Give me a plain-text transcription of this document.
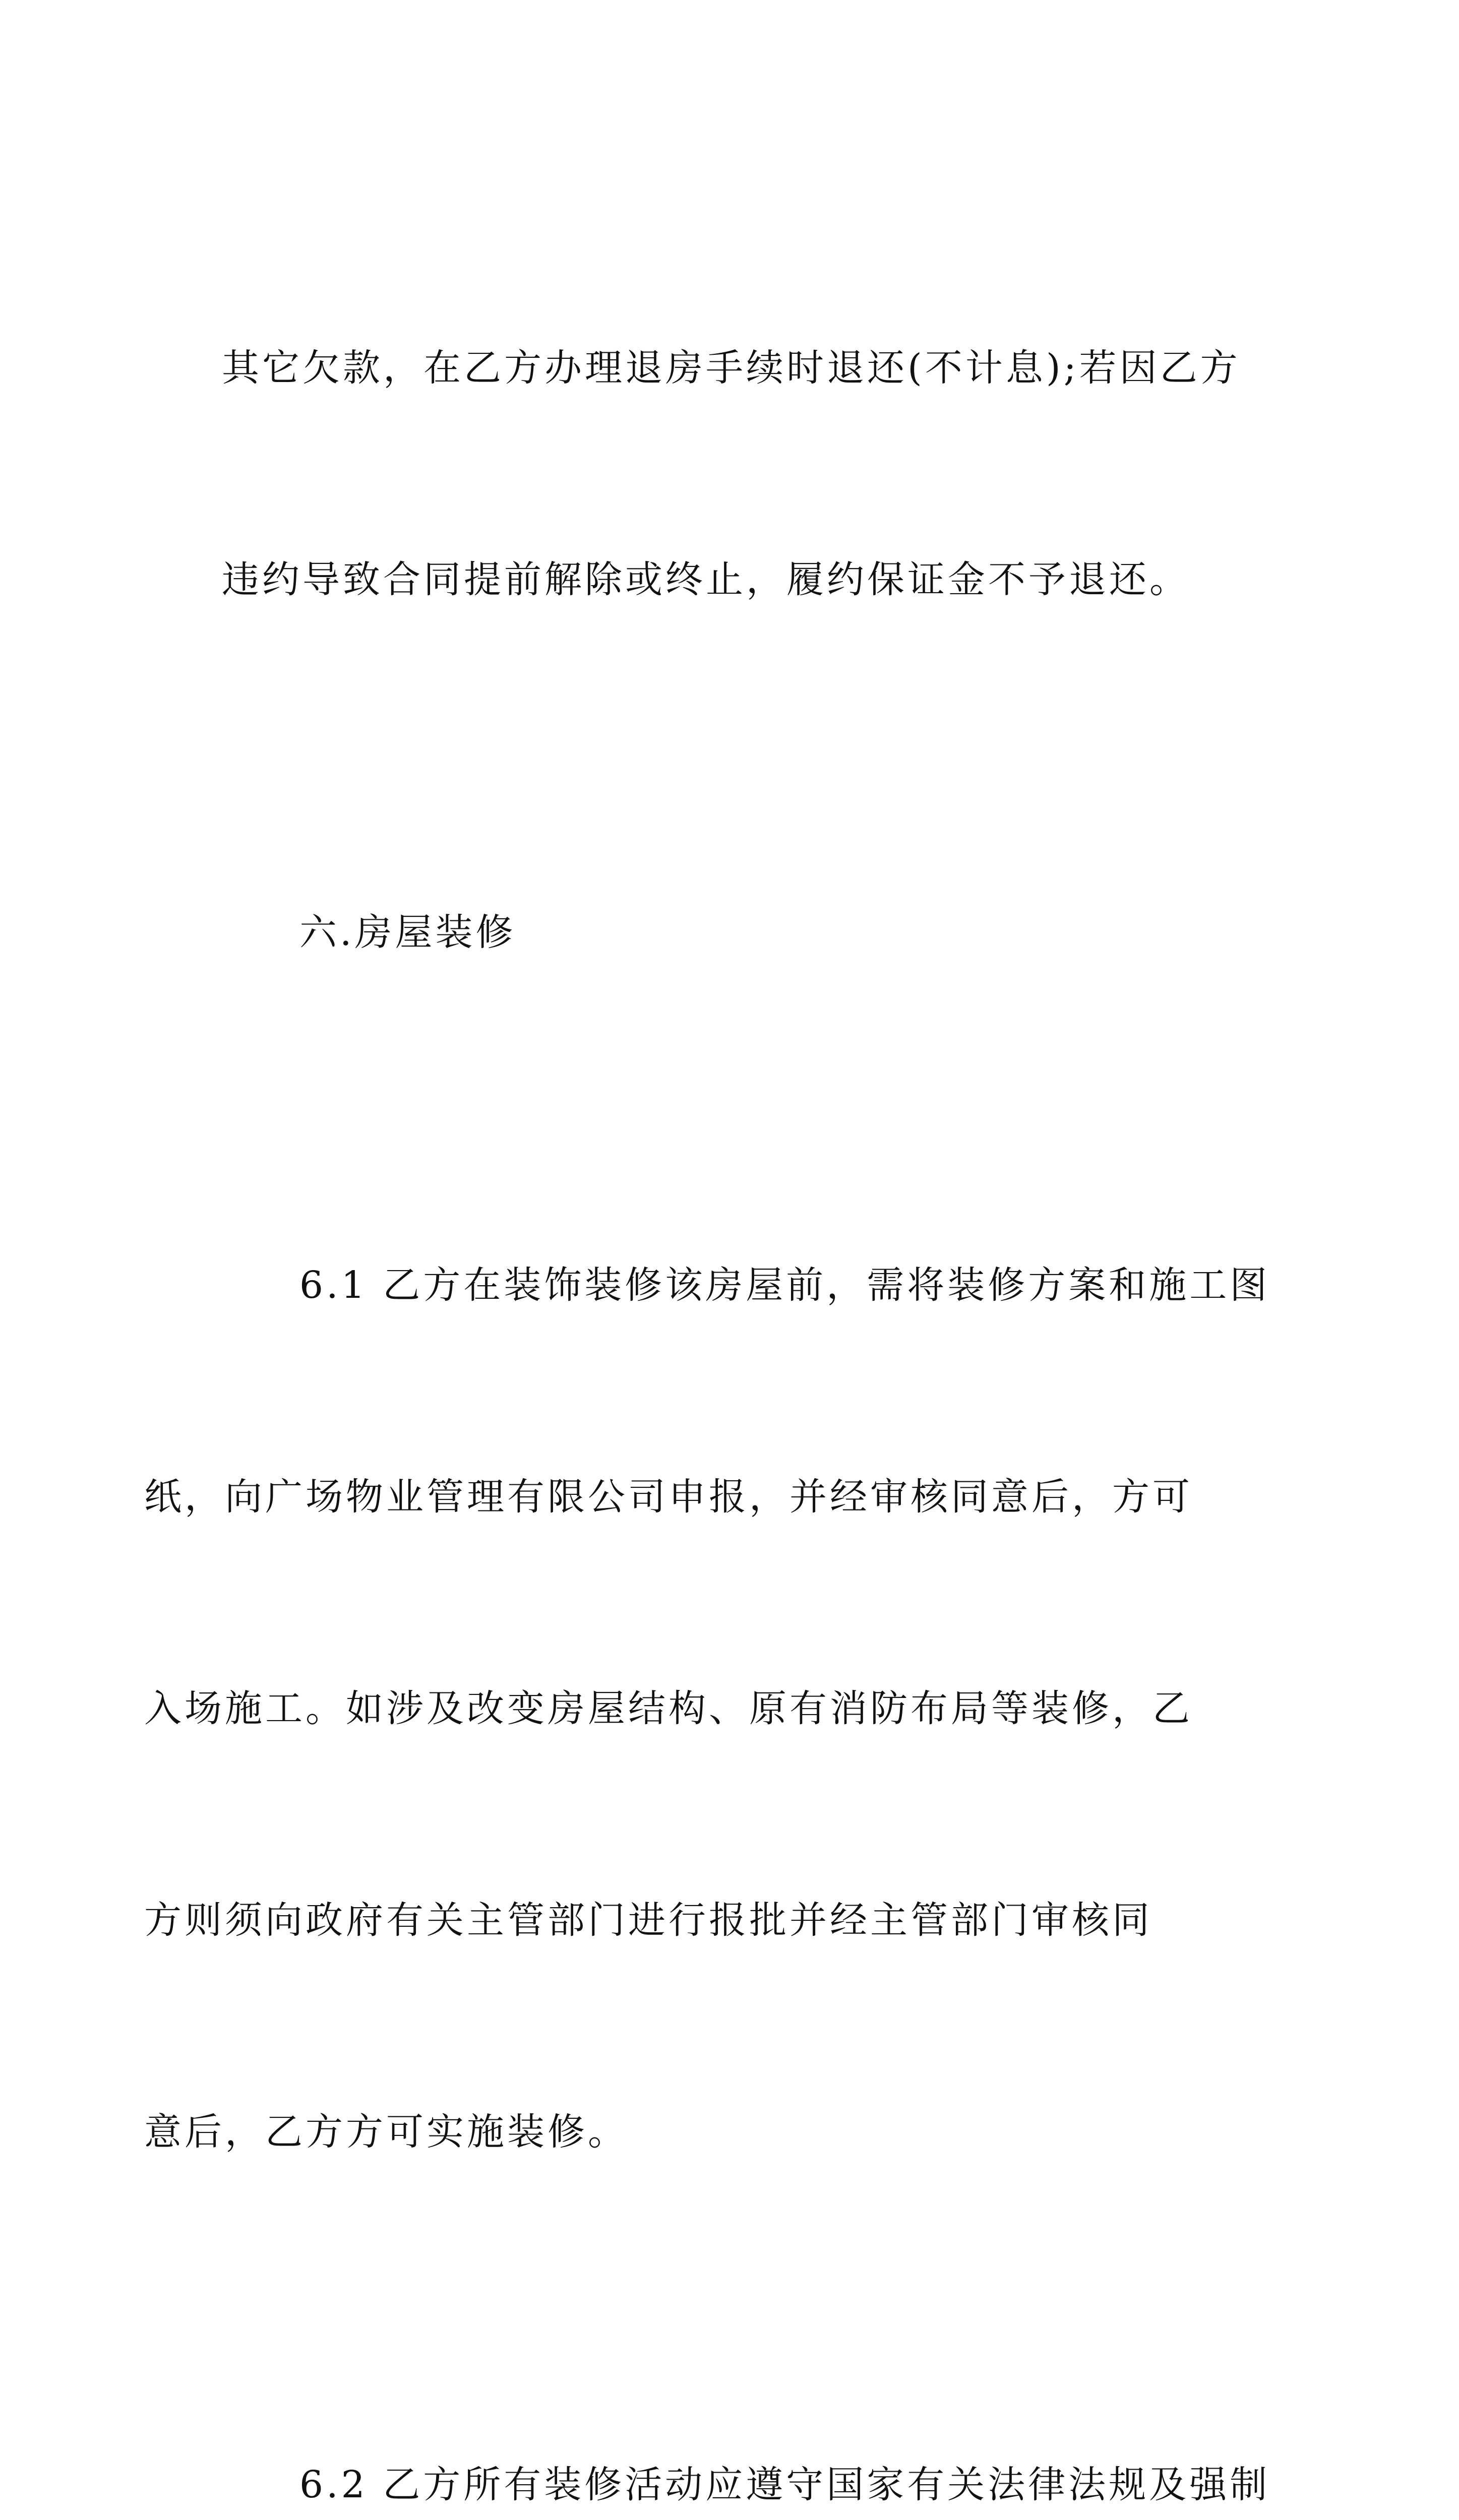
其它欠款，在乙方办理退房手续时退还(不计息);若因乙方

违约导致合同提前解除或终止，履约保证金不予退还。

六.房屋装修

6.1 乙方在装饰装修该房屋前，需将装修方案和施工图

纸，向广场物业管理有限公司申报，并经审核同意后，方可

入场施工。如涉及改变房屋结构、原有消防布局等装修，乙

方则须向政府有关主管部门进行报批并经主管部门审核同

意后，乙方方可实施装修。

6.2 乙方所有装修活动应遵守国家有关法律法规及强制
